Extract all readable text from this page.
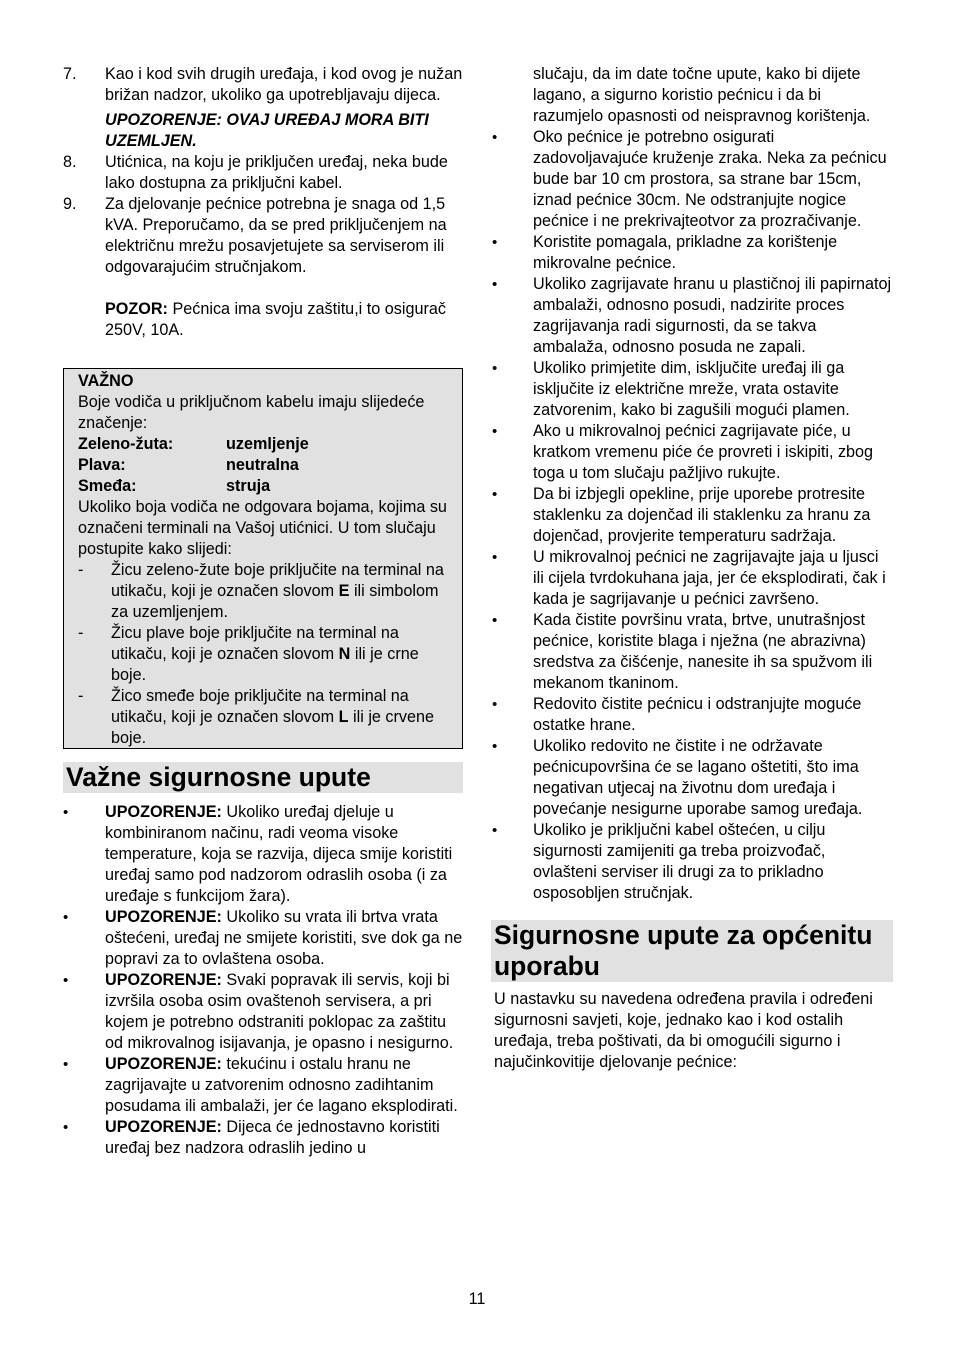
7. Kao i kod svih drugih uređaja, i kod ovog je nužan brižan nadzor, ukoliko ga upotrebljavaju dijeca.
UPOZORENJE: OVAJ UREĐAJ MORA BITI UZEMLJEN.
8. Utićnica, na koju je priključen uređaj, neka bude lako dostupna za priključni kabel.
9. Za djelovanje pećnice potrebna je snaga od 1,5 kVA. Preporučamo, da se pred priključenjem na električnu mrežu posavjetujete sa serviserom ili odgovarajućim stručnjakom.
POZOR: Pećnica ima svoju zaštitu,i to osigurač 250V, 10A.
VAŽNO
Boje vodiča u priključnom kabelu imaju slijedeće značenje:
Zeleno-žuta:	uzemljenje
Plava:	neutralna
Smeđa:	struja
Ukoliko boja vodiča ne odgovara bojama, kojima su označeni terminali na Vašoj utićnici. U tom slučaju postupite kako slijedi:
- Žicu zeleno-žute boje priključite na terminal na utikaču, koji je označen slovom E ili simbolom za uzemljenjem.
- Žicu plave boje priključite na terminal na utikaču, koji je označen slovom N ili je crne boje.
- Žico smeđe boje priključite na terminal na utikaču, koji je označen slovom L ili je crvene boje.
Važne sigurnosne upute
• UPOZORENJE: Ukoliko uređaj djeluje u kombiniranom načinu, radi veoma visoke temperature, koja se razvija, dijeca smije koristiti uređaj samo pod nadzorom odraslih osoba (i za uređaje s funkcijom žara).
• UPOZORENJE: Ukoliko su vrata ili brtva vrata oštećeni, uređaj ne smijete koristiti, sve dok ga ne popravi za to ovlaštena osoba.
• UPOZORENJE: Svaki popravak ili servis, koji bi izvršila osoba osim ovaštenoh servisera, a pri kojem je potrebno odstraniti poklopac za zaštitu od mikrovalnog isijavanja, je opasno i nesigurno.
• UPOZORENJE: tekućinu i ostalu hranu ne zagrijavajte u zatvorenim odnosno zadihtanim posudama ili ambalaži, jer će lagano eksplodirati.
• UPOZORENJE: Dijeca će jednostavno koristiti uređaj bez nadzora odraslih jedino u
slučaju, da im date točne upute, kako bi dijete lagano, a sigurno koristio pećnicu i da bi razumjelo opasnosti od neispravnog korištenja.
• Oko pećnice je potrebno osigurati zadovoljavajuće kruženje zraka. Neka za pećnicu bude bar 10 cm prostora, sa strane bar 15cm, iznad pećnice 30cm. Ne odstranjujte nogice pećnice i ne prekrivajteotvor za prozračivanje.
• Koristite pomagala, prikladne za korištenje mikrovalne pećnice.
• Ukoliko zagrijavate hranu u plastičnoj ili papirnatoj ambalaži, odnosno posudi, nadzirite proces zagrijavanja radi sigurnosti, da se takva ambalaža, odnosno posuda ne zapali.
• Ukoliko primjetite dim, isključite uređaj ili ga isključite iz električne mreže, vrata ostavite zatvorenim, kako bi zagušili mogući plamen.
• Ako u mikrovalnoj pećnici zagrijavate piće, u kratkom vremenu piće će provreti i iskipiti, zbog toga u tom slučaju pažljivo rukujte.
• Da bi izbjegli opekline, prije uporebe protresite staklenku za dojenčad ili staklenku za hranu za dojenčad, provjerite temperaturu sadržaja.
• U mikrovalnoj pećnici ne zagrijavajte jaja u ljusci ili cijela tvrdokuhana jaja, jer će eksplodirati, čak i kada je sagrijavanje u pećnici završeno.
• Kada čistite površinu vrata, brtve, unutrašnjost pećnice, koristite blaga i nježna (ne abrazivna) sredstva za čišćenje, nanesite ih sa spužvom ili mekanom tkaninom.
• Redovito čistite pećnicu i odstranjujte moguće ostatke hrane.
• Ukoliko redovito ne čistite i ne održavate pećnicupovršina će se lagano oštetiti, što ima negativan utjecaj na životnu dom uređaja i povećanje nesigurne uporabe samog uređaja.
• Ukoliko je priključni kabel oštećen, u cilju sigurnosti zamijeniti ga treba proizvođač, ovlašteni serviser ili drugi za to prikladno osposobljen stručnjak.
Sigurnosne upute za općenitu uporabu
U nastavku su navedena određena pravila i određeni sigurnosni savjeti, koje, jednako kao i kod ostalih uređaja, treba poštivati, da bi omogućili sigurno i najučinkovitije djelovanje pećnice:
11
